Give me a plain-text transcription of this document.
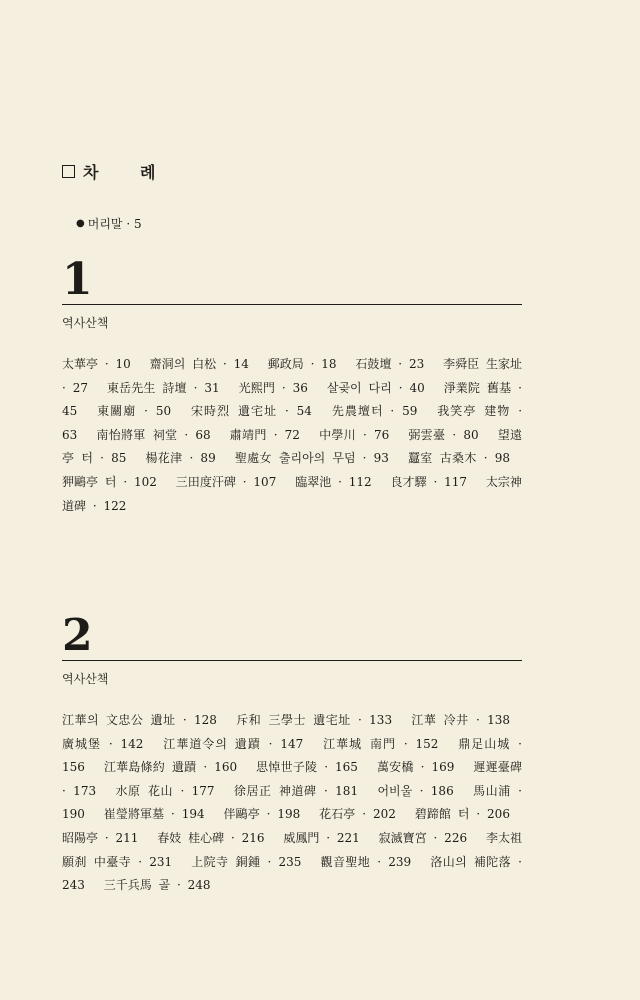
차 례
● 머리말 · 5
1
역사산책
太華亭 · 10  齋洞의 白松 · 14  郵政局 · 18  石鼓壇 · 23  李舜臣 生家址 · 27  東岳先生 詩壇 · 31  光熙門 · 36  살곶이 다리 · 40  淨業院 舊基 · 45  東關廟 · 50  宋時烈 遺宅址 · 54  先農壇터 · 59  我笑亭 建物 · 63  南怡將軍 祠堂 · 68  肅靖門 · 72  中學川 · 76  弼雲臺 · 80  望遠亭 터 · 85  楊花津 · 89  聖處女 출리아의 무덤 · 93  蠶室 古桑木 · 98  狎鷗亭 터 · 102  三田度汗碑 · 107  臨翠池 · 112  良才驛 · 117  太宗神道碑 · 122
2
역사산책
江華의 文忠公 遺址 · 128  斥和 三學士 遺宅址 · 133  江華 冷井 · 138  廣城堡 · 142  江華道令의 遺蹟 · 147  江華城 南門 · 152  鼎足山城 · 156  江華島條約 遺蹟 · 160  思悼世子陵 · 165  萬安橋 · 169  遲遲臺碑 · 173  水原 花山 · 177  徐居正 神道碑 · 181  어비울 · 186  馬山浦 · 190  崔瑩將軍墓 · 194  伴鷗亭 · 198  花石亭 · 202  碧蹄館 터 · 206  昭陽亭 · 211  春妓 桂心碑 · 216  威鳳門 · 221  寂滅寶宮 · 226  李太祖願刹 中臺寺 · 231  上院寺 銅鍾 · 235  觀音聖地 · 239  洛山의 補陀落 · 243  三千兵馬 골 · 248
